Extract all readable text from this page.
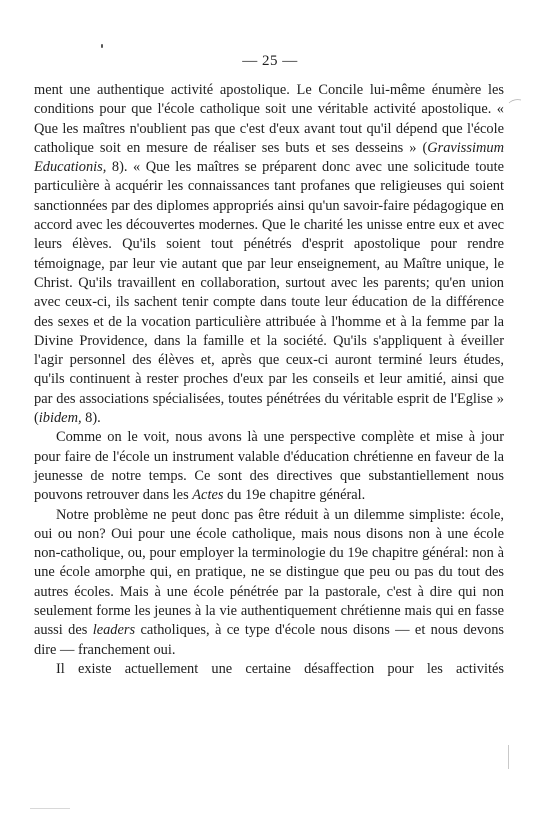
— 25 —

ment une authentique activité apostolique. Le Concile lui-même énumère les conditions pour que l'école catholique soit une véritable activité apostolique. « Que les maîtres n'oublient pas que c'est d'eux avant tout qu'il dépend que l'école catholique soit en mesure de réaliser ses buts et ses desseins » (Gravissimum Educationis, 8). « Que les maîtres se préparent donc avec une solicitude toute particulière à acquérir les connaissances tant profanes que religieuses qui soient sanctionnées par des diplomes appropriés ainsi qu'un savoir-faire pédagogique en accord avec les découvertes modernes. Que le charité les unisse entre eux et avec leurs élèves. Qu'ils soient tout pénétrés d'esprit apostolique pour rendre témoignage, par leur vie autant que par leur enseignement, au Maître unique, le Christ. Qu'ils travaillent en collaboration, surtout avec les parents; qu'en union avec ceux-ci, ils sachent tenir compte dans toute leur éducation de la différence des sexes et de la vocation particulière attribuée à l'homme et à la femme par la Divine Providence, dans la famille et la société. Qu'ils s'appliquent à éveiller l'agir personnel des élèves et, après que ceux-ci auront terminé leurs études, qu'ils continuent à rester proches d'eux par les conseils et leur amitié, ainsi que par des associations spécialisées, toutes pénétrées du véritable esprit de l'Eglise » (ibidem, 8).

Comme on le voit, nous avons là une perspective complète et mise à jour pour faire de l'école un instrument valable d'éducation chrétienne en faveur de la jeunesse de notre temps. Ce sont des directives que substantiellement nous pouvons retrouver dans les Actes du 19e chapitre général.

Notre problème ne peut donc pas être réduit à un dilemme simpliste: école, oui ou non? Oui pour une école catholique, mais nous disons non à une école non-catholique, ou, pour employer la terminologie du 19e chapitre général: non à une école amorphe qui, en pratique, ne se distingue que peu ou pas du tout des autres écoles. Mais à une école pénétrée par la pastorale, c'est à dire qui non seulement forme les jeunes à la vie authentiquement chrétienne mais qui en fasse aussi des leaders catholiques, à ce type d'école nous disons — et nous devons dire — franchement oui.

Il existe actuellement une certaine désaffection pour les activités
